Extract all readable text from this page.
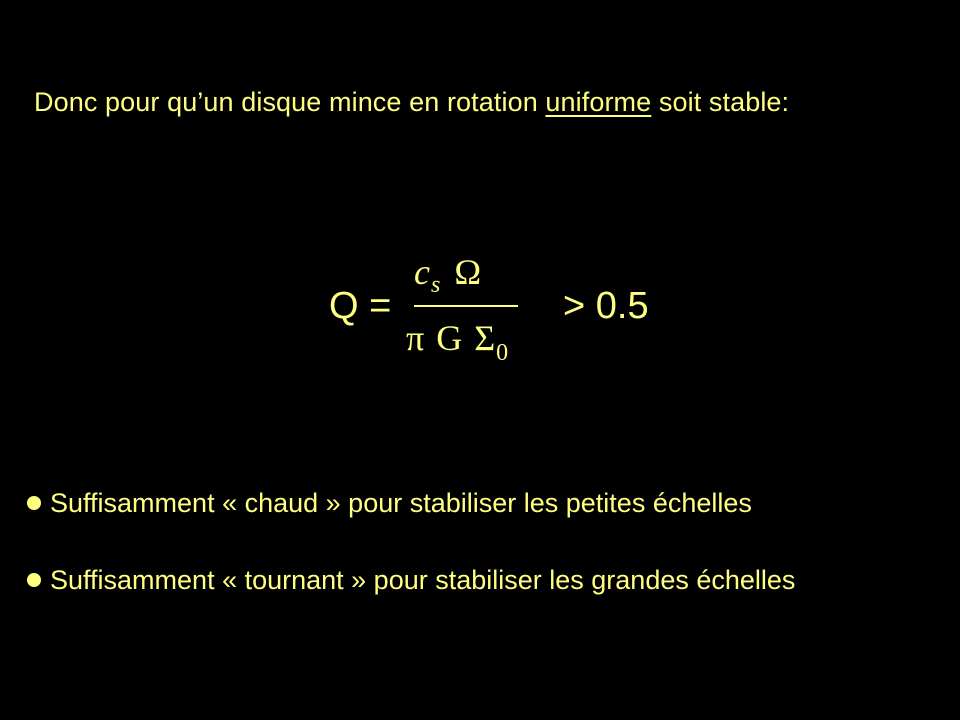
Donc pour qu’un disque mince en rotation uniforme soit stable:
Q =
$c_s$ Ω
π G $\Sigma_0$
> 0.5
Suffisamment « chaud » pour stabiliser les petites échelles
Suffisamment « tournant » pour stabiliser les grandes échelles
